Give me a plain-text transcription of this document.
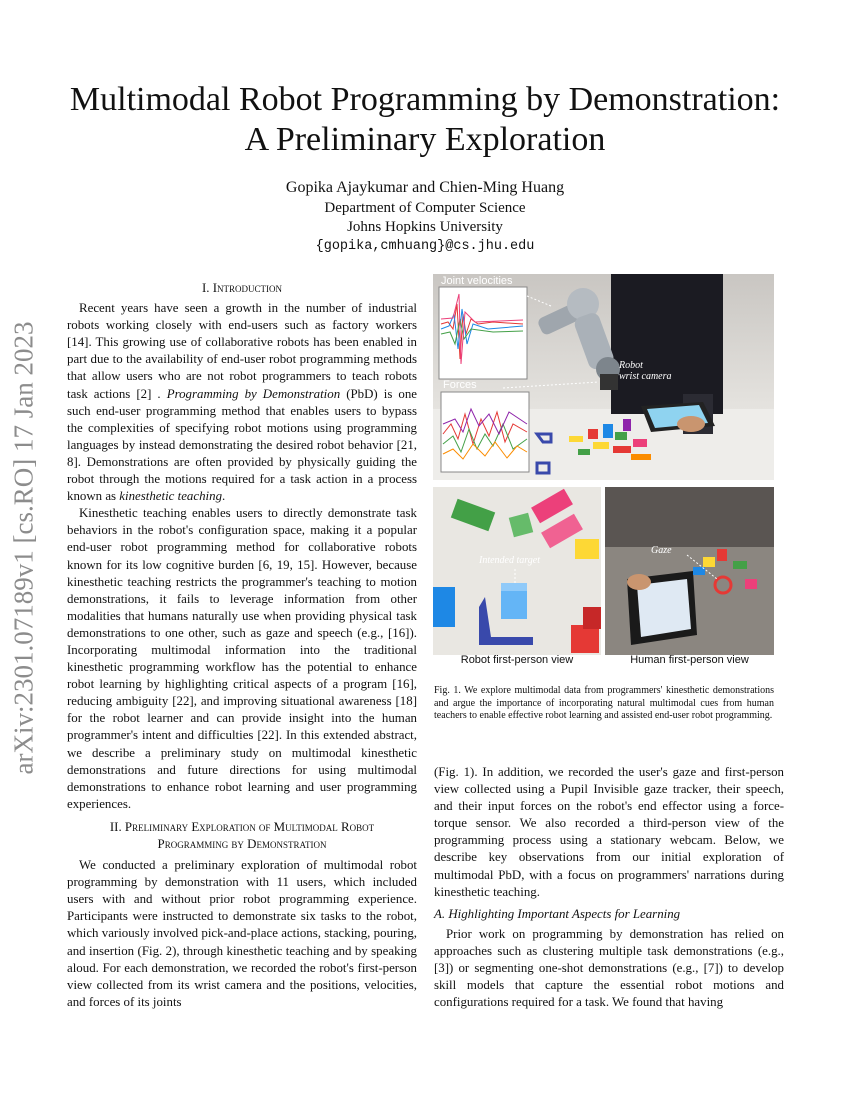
arXiv:2301.07189v1 [cs.RO] 17 Jan 2023
Multimodal Robot Programming by Demonstration:
A Preliminary Exploration
Gopika Ajaykumar and Chien-Ming Huang
Department of Computer Science
Johns Hopkins University
{gopika,cmhuang}@cs.jhu.edu
I. Introduction

Recent years have seen a growth in the number of industrial robots working closely with end-users such as factory workers [14]. This growing use of collaborative robots has been enabled in part due to the availability of end-user robot programming methods that allow users who are not robot programmers to teach robots task actions [2] . Programming by Demonstration (PbD) is one such end-user programming method that enables users to bypass the complexities of specifying robot motions using programming languages by instead demonstrating the desired robot behavior [21, 8]. Demonstrations are often provided by physically guiding the robot through the motions required for a task action in a process known as kinesthetic teaching.

Kinesthetic teaching enables users to directly demonstrate task behaviors in the robot's configuration space, making it a popular end-user robot programming method for collaborative robots known for its low cognitive burden [6, 19, 15]. However, because kinesthetic teaching restricts the programmer's teaching to motion demonstrations, it fails to leverage information from other modalities that humans naturally use when providing physical task demonstrations to one other, such as gaze and speech (e.g., [16]). Incorporating multimodal information into the traditional kinesthetic programming workflow has the potential to enhance robot learning by highlighting critical aspects of a program [16], reducing ambiguity [22], and improving situational awareness [18] for the robot learner and can provide insight into the human programmer's intent and difficulties [22]. In this extended abstract, we describe a preliminary study on multimodal kinesthetic demonstrations and future directions for using multimodal demonstrations to enhance robot learning and user programming experiences.

II. Preliminary Exploration of Multimodal Robot
Programming by Demonstration

We conducted a preliminary exploration of multimodal robot programming by demonstration with 11 users, which included users with and without prior robot programming experience. Participants were instructed to demonstrate six tasks to the robot, which variously involved pick-and-place actions, stacking, pouring, and insertion (Fig. 2), through kinesthetic teaching and by speaking aloud. For each demonstration, we recorded the robot's first-person view collected from its wrist camera and the positions, velocities, and forces of its joints

Joint velocities
Forces
Robot
wrist camera
Intended target
Gaze
Robot first-person view	Human first-person view
Fig. 1. We explore multimodal data from programmers' kinesthetic demonstrations and argue the importance of incorporating natural multimodal cues from human teachers to enable effective robot learning and assisted end-user robot programming.

(Fig. 1). In addition, we recorded the user's gaze and first-person view collected using a Pupil Invisible gaze tracker, their speech, and their input forces on the robot's end effector using a force-torque sensor. We also recorded a third-person view of the programming process using a stationary webcam. Below, we describe key observations from our initial exploration of multimodal PbD, with a focus on programmers' narrations during kinesthetic teaching.

A. Highlighting Important Aspects for Learning

Prior work on programming by demonstration has relied on approaches such as clustering multiple task demonstrations (e.g., [3]) or segmenting one-shot demonstrations (e.g., [7]) to develop skill models that capture the essential robot motions and configurations required for a task. We found that having
